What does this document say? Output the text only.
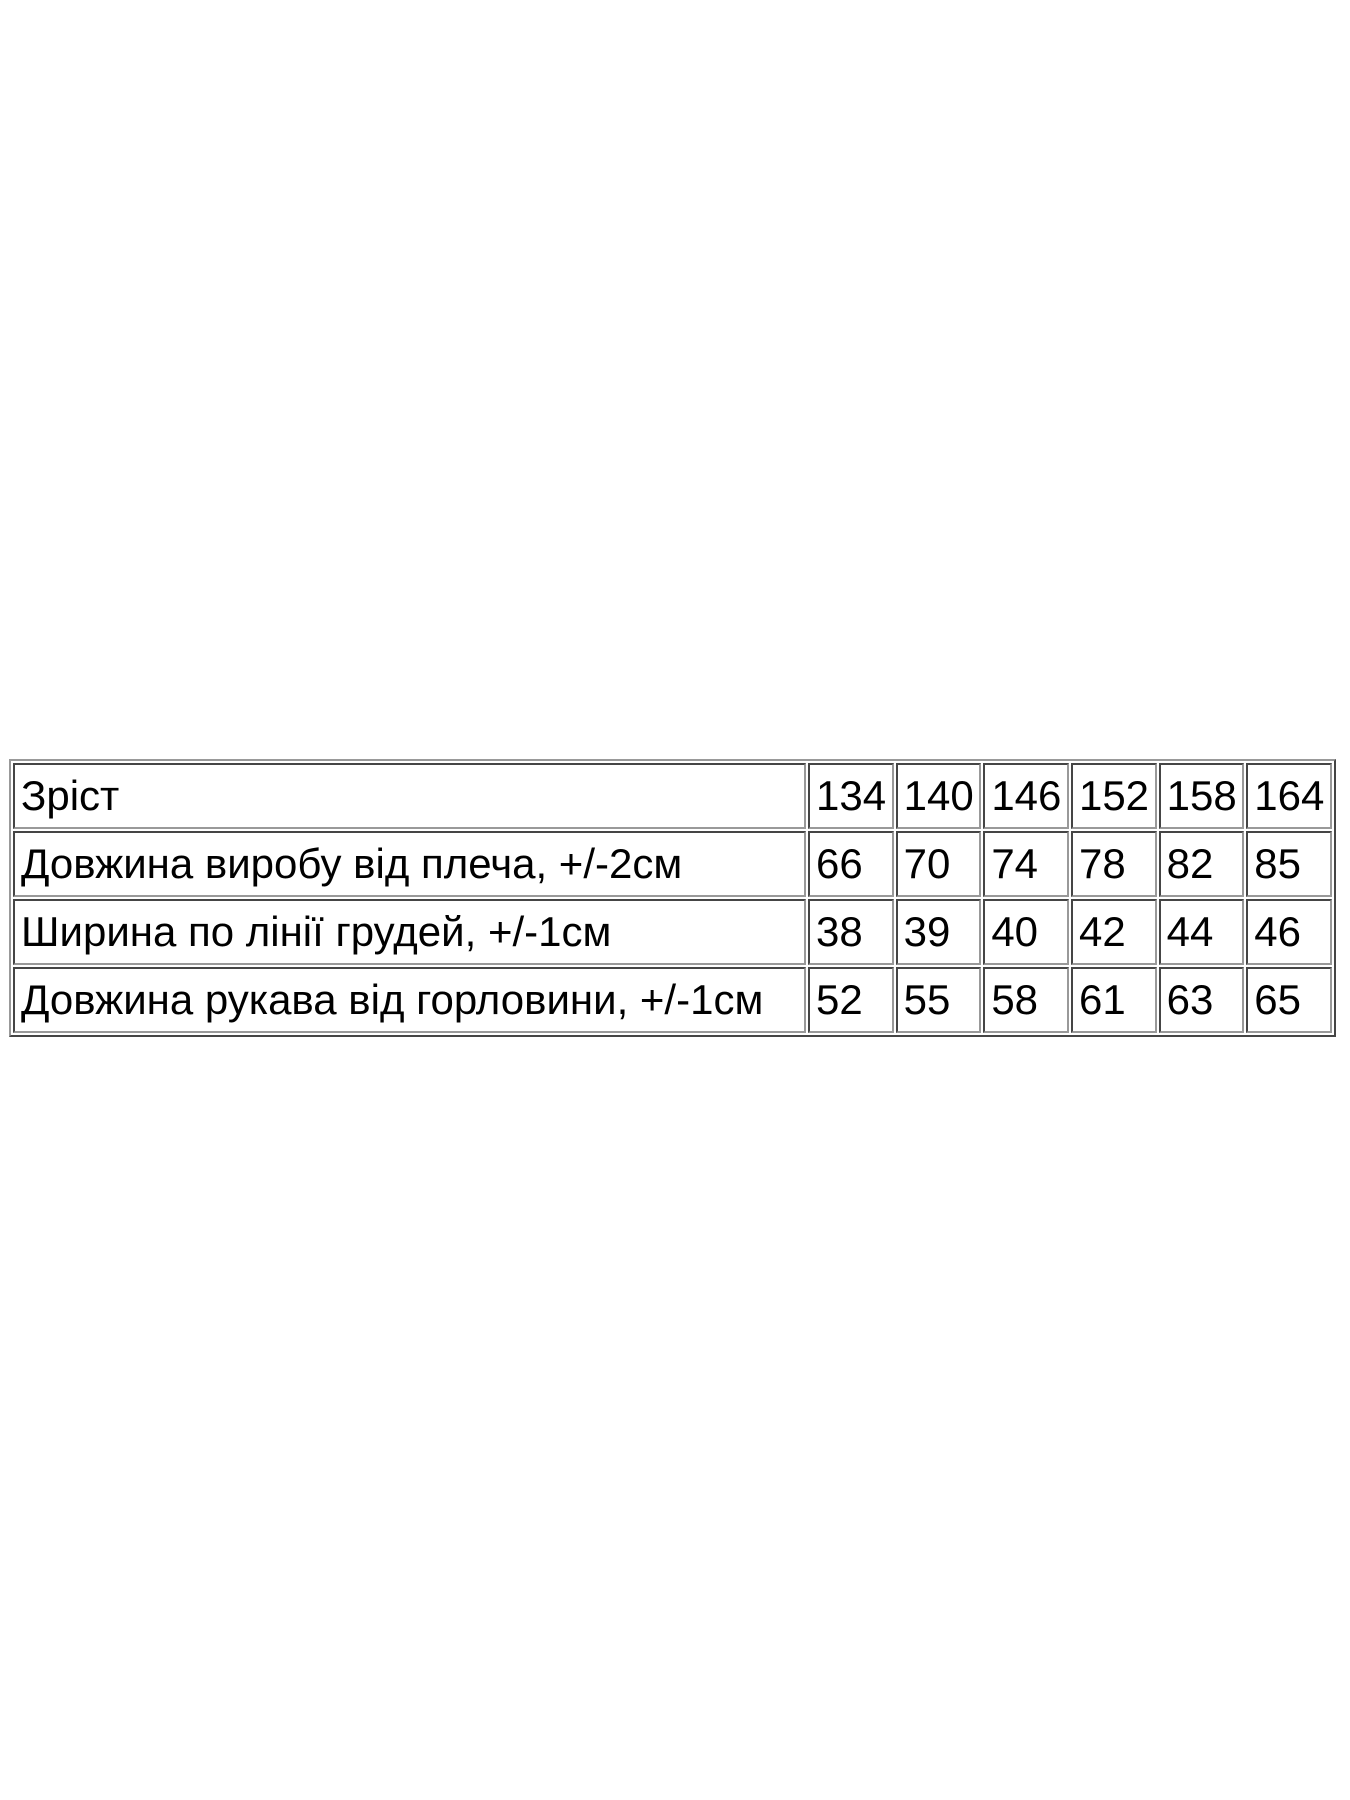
Зріст	134	140	146	152	158	164
Довжина виробу від плеча, +/-2см	66	70	74	78	82	85
Ширина по лінії грудей, +/-1см	38	39	40	42	44	46
Довжина рукава від горловини, +/-1см	52	55	58	61	63	65
